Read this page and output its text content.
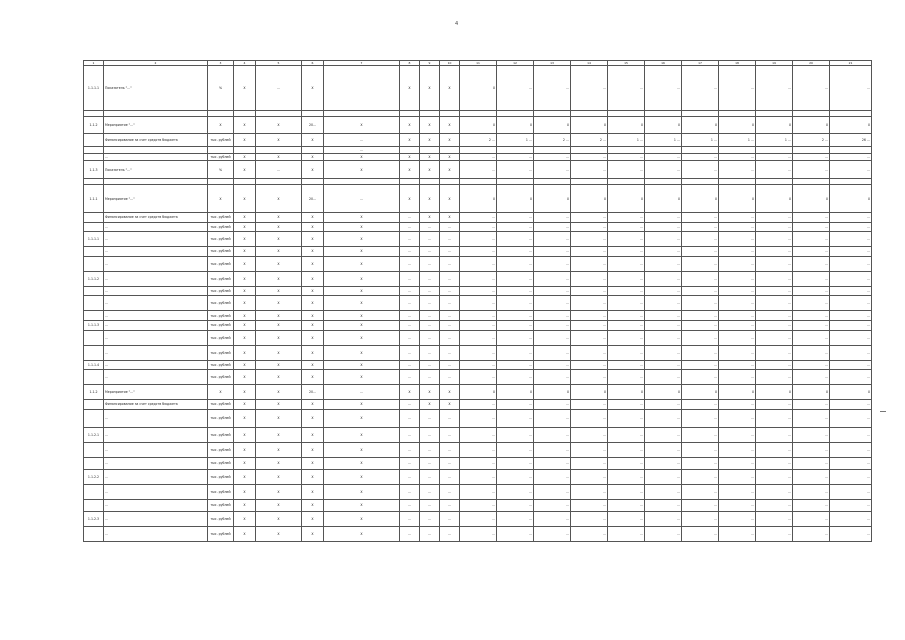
4
1	2	3	4	5	6	7	8	9	10	11	12	13	14	15	16	17	18	19	20	21
1.1.1.1	Показатель "..."	%	X	...	X		X	X	X	X	...	...	...	...	...	...	...	...	...	...

1.1.2	Мероприятие "..."	X	X	X	20...	X	X	X	X	X	X	X	X	X	X	X	X	X	X	X
	Финансирование за счет средств бюджета	тыс. рублей	X	X	X	...	X	X	X	2 ...	1 ...	2 ...	2 ...	1 ...	1 ...	1 ...	1 ...	1 ...	2 ...	26 ...
						...														
	...	тыс. рублей	X	X	X	X	X	X	X	...	...	...	...	...	...	...	...	...	...	...
1.1.3	Показатель "..."	%	X	...	X	X	X	X	X	...	...	...	...	...	...	...	...	...	...	...

1.1.1	Мероприятие "..."	X	X	X	20...	...	X	X	X	X	X	X	X	X	X	X	X	X	X	X
	Финансирование за счет средств бюджета	тыс. рублей	X	X	X	X	...	X	X	...	...	...	...	...	...	...	...	...	...	...
	...	тыс. рублей	X	X	X	X	...	...	...	...	...	...	...	...	...	...	...	...	...	...
1.1.1.1	...	тыс. рублей	X	X	X	X	...	...	...	...	...	...	...	...	...	...	...	...	...	...
	...	тыс. рублей	X	X	X	X	...	...	...	...	...	...	...	...	...	...	...	...	...	...
	...	тыс. рублей	X	X	X	X	...	...	...	...	...	...	...	...	...	...	...	...	...	...
1.1.1.2	...	тыс. рублей	X	X	X	X	...	...	...	...	...	...	...	...	...	...	...	...	...	...
	...	тыс. рублей	X	X	X	X	...	...	...	...	...	...	...	...	...	...	...	...	...	...
	...	тыс. рублей	X	X	X	X	...	...	...	...	...	...	...	...	...	...	...	...	...	...
	...	тыс. рублей	X	X	X	X	...	...	...	...	...	...	...	...	...	...	...	...	...	...
1.1.1.3	...	тыс. рублей	X	X	X	X	...	...	...	...	...	...	...	...	...	...	...	...	...	...
	...	тыс. рублей	X	X	X	X	...	...	...	...	...	...	...	...	...	...	...	...	...	...
	...	тыс. рублей	X	X	X	X	...	...	...	...	...	...	...	...	...	...	...	...	...	...
1.1.1.4	...	тыс. рублей	X	X	X	X	...	...	...	...	...	...	...	...	...	...	...	...	...	...
	...	тыс. рублей	X	X	X	X	...	...	...	...	...	...	...	...	...	...	...	...	...	...
1.1.2	Мероприятие "..."	X	X	X	20...	...	X	X	X	X	X	X	X	X	X	X	X	X	X	X
	Финансирование за счет средств бюджета	тыс. рублей	X	X	X	X	...	X	X	...	...	...	...	...	...	...	...	...	...	...
	...	тыс. рублей	X	X	X	X	...	...	...	...	...	...	...	...	...	...	...	...	...	...
1.1.2.1	...	тыс. рублей	X	X	X	X	...	...	...	...	...	...	...	...	...	...	...	...	...	...
	...	тыс. рублей	X	X	X	X	...	...	...	...	...	...	...	...	...	...	...	...	...	...
	...	тыс. рублей	X	X	X	X	...	...	...	...	...	...	...	...	...	...	...	...	...	...
1.1.2.2	...	тыс. рублей	X	X	X	X	...	...	...	...	...	...	...	...	...	...	...	...	...	...
	...	тыс. рублей	X	X	X	X	...	...	...	...	...	...	...	...	...	...	...	...	...	...
	...	тыс. рублей	X	X	X	X	...	...	...	...	...	...	...	...	...	...	...	...	...	...
1.1.2.3	...	тыс. рублей	X	X	X	X	...	...	...	...	...	...	...	...	...	...	...	...	...	...
	...	тыс. рублей	X	X	X	X	...	...	...	...	...	...	...	...	...	...	...	...	...	...
